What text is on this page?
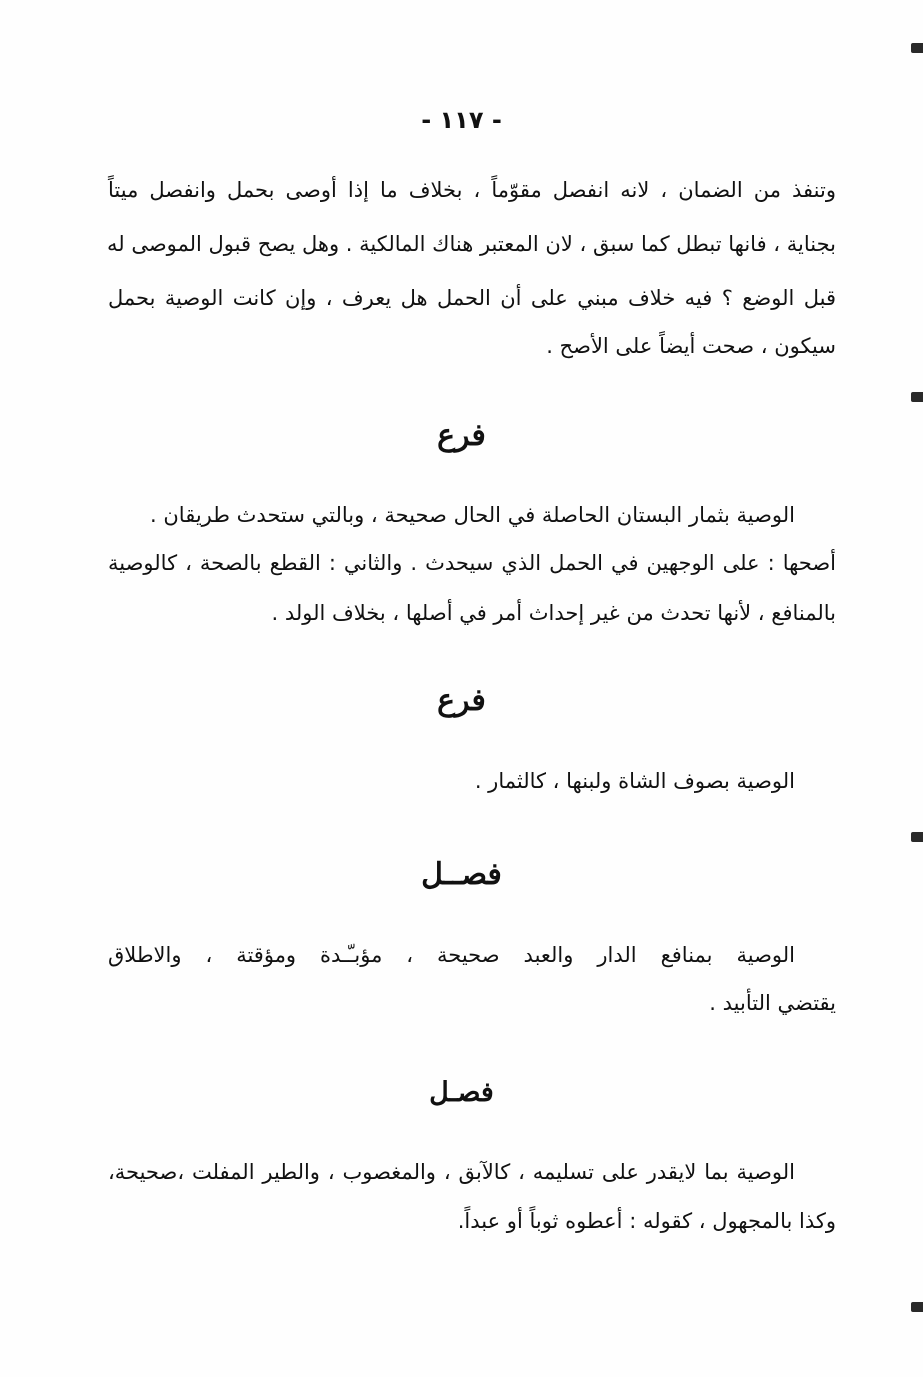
- ١١٧ -
وتنفذ من الضمان ، لانه انفصل مقوّماً ، بخلاف ما إذا أوصى بحمل وانفصل ميتاً
بجناية ، فانها تبطل كما سبق ، لان المعتبر هناك المالكية . وهل يصح قبول الموصى له
قبل الوضع ؟ فيه خلاف مبني على أن الحمل هل يعرف ، وإن كانت الوصية بحمل
سيكون ، صحت أيضاً على الأصح .
فرع
الوصية بثمار البستان الحاصلة في الحال صحيحة ، وبالتي ستحدث طريقان .
أصحها : على الوجهين في الحمل الذي سيحدث . والثاني : القطع بالصحة ، كالوصية
بالمنافع ، لأنها تحدث من غير إحداث أمر في أصلها ، بخلاف الولد .
فرع
الوصية بصوف الشاة ولبنها ، كالثمار .
فصــل
الوصية بمنافع الدار والعبد صحيحة ، مؤبـّـدة ومؤقتة ، والاطلاق
يقتضي التأبيد .
فصـل
الوصية بما لايقدر على تسليمه ، كالآبق ، والمغصوب ، والطير المفلت ،صحيحة،
وكذا بالمجهول ، كقوله : أعطوه ثوباً أو عبداً.
